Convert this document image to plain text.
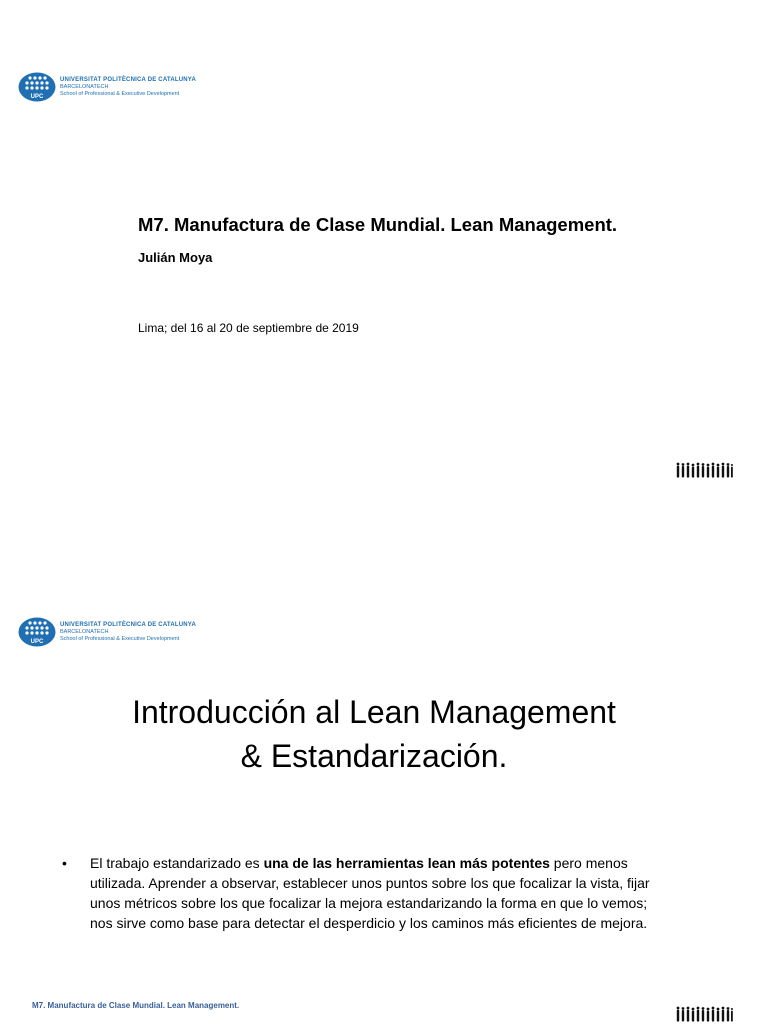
UPC
UNIVERSITAT POLITÈCNICA DE CATALUNYA
BARCELONATECH
School of Professional & Executive Development
M7. Manufactura de Clase Mundial. Lean Management.
Julián Moya
Lima; del 16 al 20 de septiembre de 2019
UPC
UNIVERSITAT POLITÈCNICA DE CATALUNYA
BARCELONATECH
School of Professional & Executive Development
Introducción al Lean Management
& Estandarización.
•	El trabajo estandarizado es una de las herramientas lean más potentes pero menos utilizada. Aprender a observar, establecer unos puntos sobre los que focalizar la vista, fijar unos métricos sobre los que focalizar la mejora estandarizando la forma en que lo vemos; nos sirve como base para detectar el desperdicio y los caminos más eficientes de mejora.
M7. Manufactura de Clase Mundial. Lean Management.
